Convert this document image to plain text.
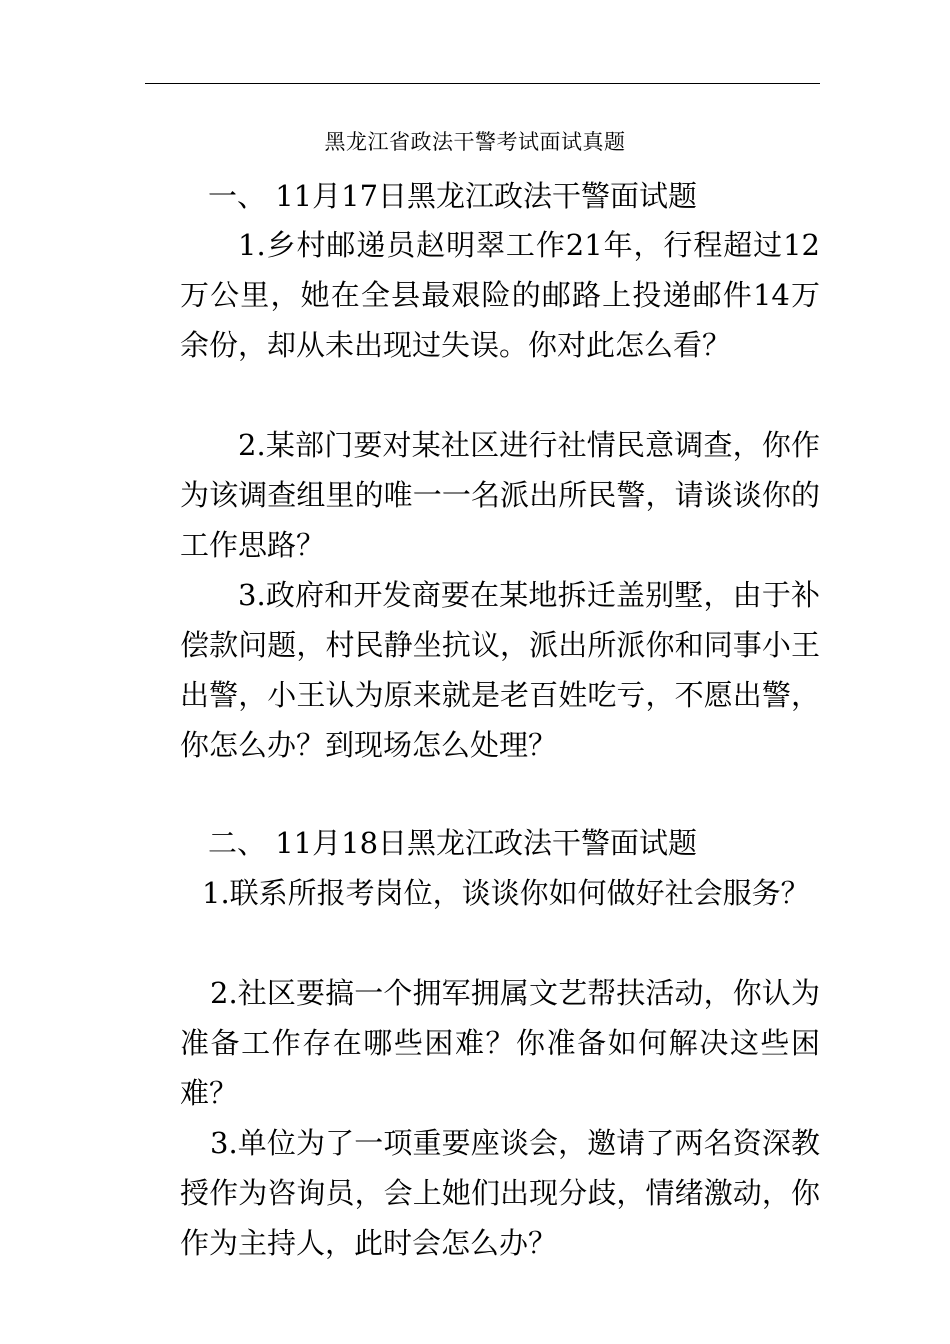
黑龙江省政法干警考试面试真题
一、 11月17日黑龙江政法干警面试题
1.乡村邮递员赵明翠工作21年，行程超过12万公里，她在全县最艰险的邮路上投递邮件14万余份，却从未出现过失误。你对此怎么看？
2.某部门要对某社区进行社情民意调查，你作为该调查组里的唯一一名派出所民警，请谈谈你的工作思路？
3.政府和开发商要在某地拆迁盖别墅，由于补偿款问题，村民静坐抗议，派出所派你和同事小王出警，小王认为原来就是老百姓吃亏，不愿出警，你怎么办？到现场怎么处理？
二、 11月18日黑龙江政法干警面试题
1.联系所报考岗位，谈谈你如何做好社会服务？
2.社区要搞一个拥军拥属文艺帮扶活动，你认为准备工作存在哪些困难？你准备如何解决这些困难？
3.单位为了一项重要座谈会，邀请了两名资深教授作为咨询员，会上她们出现分歧，情绪激动，你作为主持人，此时会怎么办？
